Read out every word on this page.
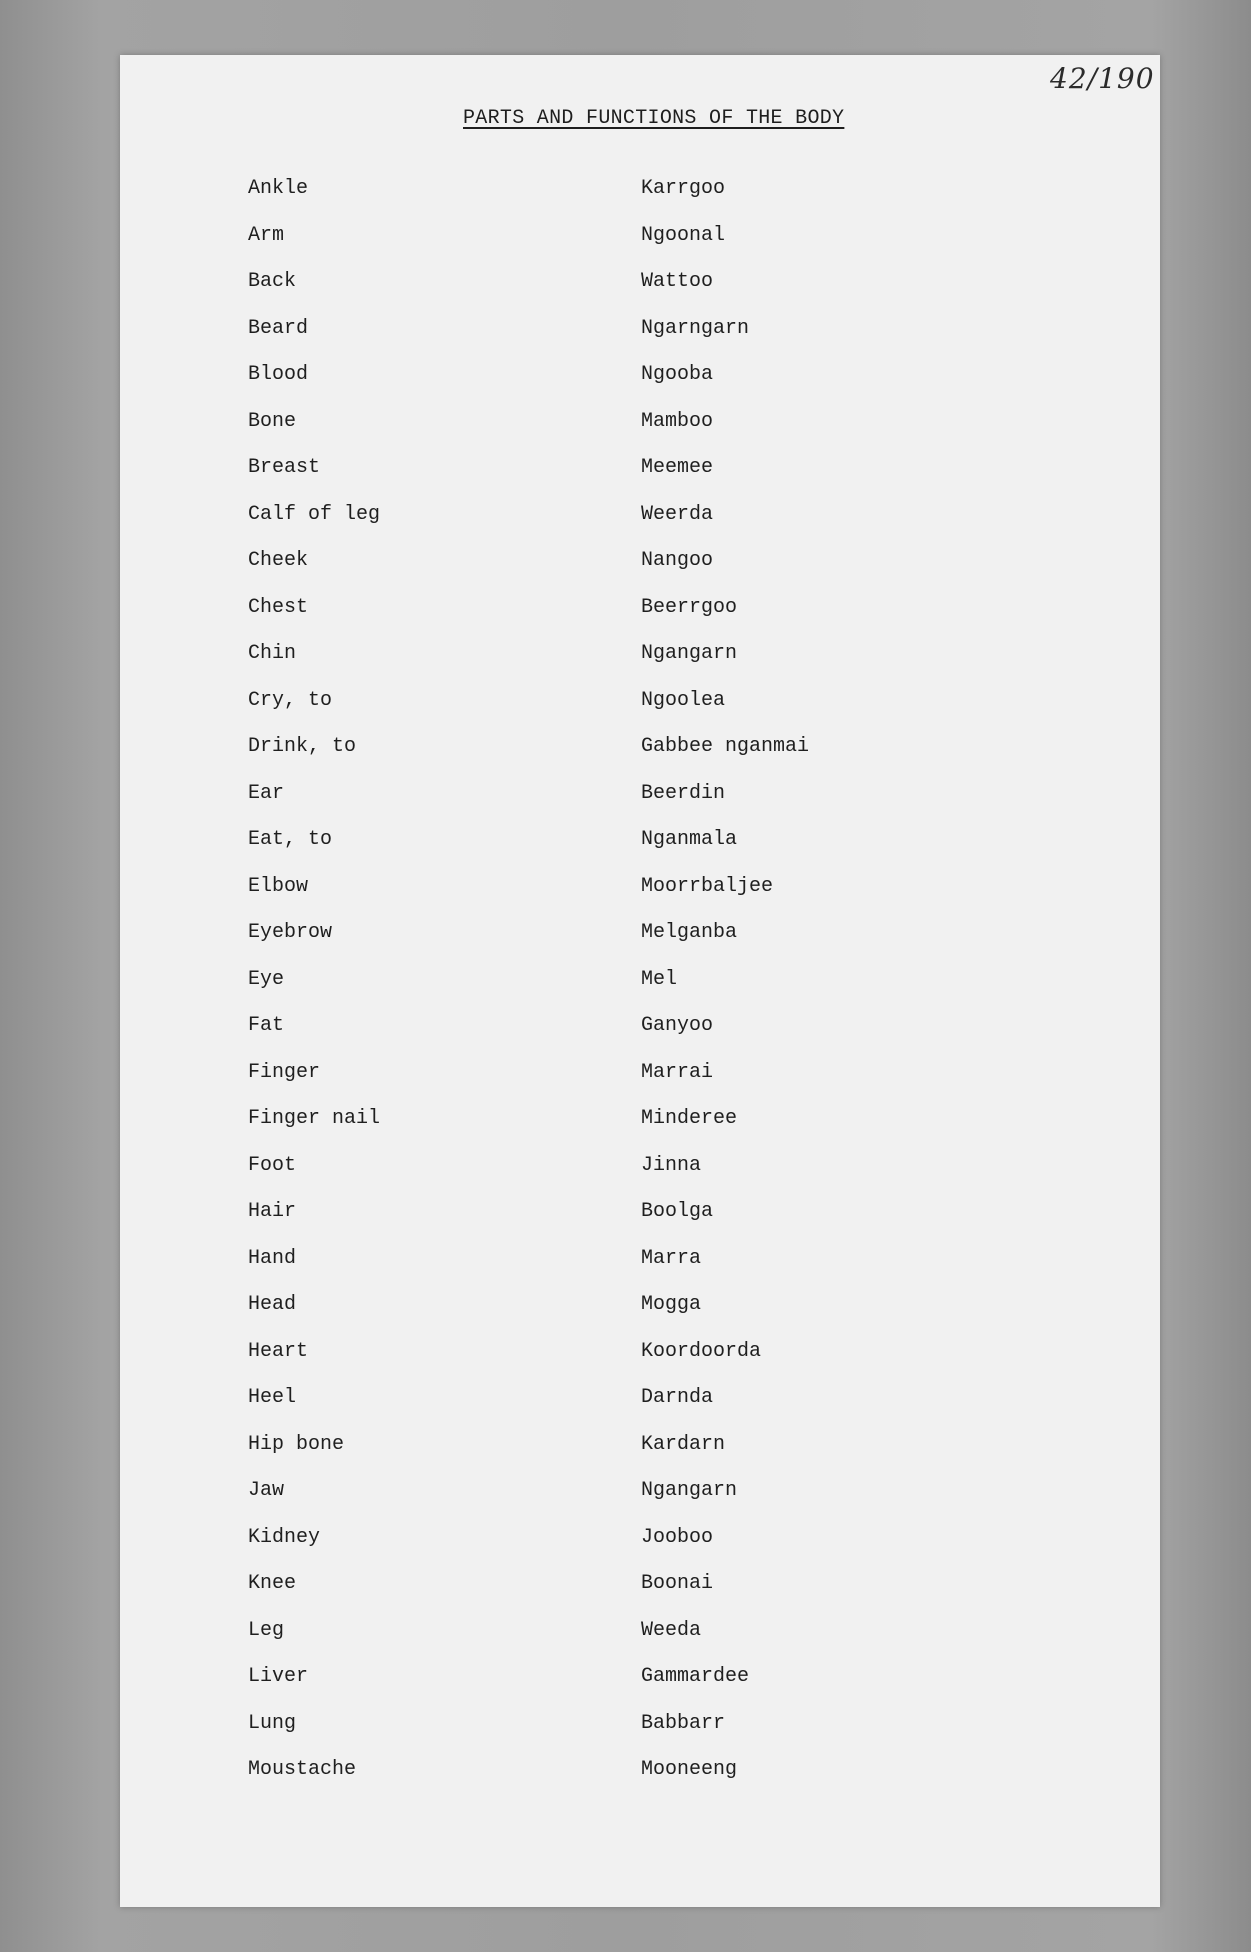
42/190
PARTS AND FUNCTIONS OF THE BODY
Ankle	Karrgoo
Arm	Ngoonal
Back	Wattoo
Beard	Ngarngarn
Blood	Ngooba
Bone	Mamboo
Breast	Meemee
Calf of leg	Weerda
Cheek	Nangoo
Chest	Beerrgoo
Chin	Ngangarn
Cry, to	Ngoolea
Drink, to	Gabbee nganmai
Ear	Beerdin
Eat, to	Nganmala
Elbow	Moorrbaljee
Eyebrow	Melganba
Eye	Mel
Fat	Ganyoo
Finger	Marrai
Finger nail	Minderee
Foot	Jinna
Hair	Boolga
Hand	Marra
Head	Mogga
Heart	Koordoorda
Heel	Darnda
Hip bone	Kardarn
Jaw	Ngangarn
Kidney	Jooboo
Knee	Boonai
Leg	Weeda
Liver	Gammardee
Lung	Babbarr
Moustache	Mooneeng
